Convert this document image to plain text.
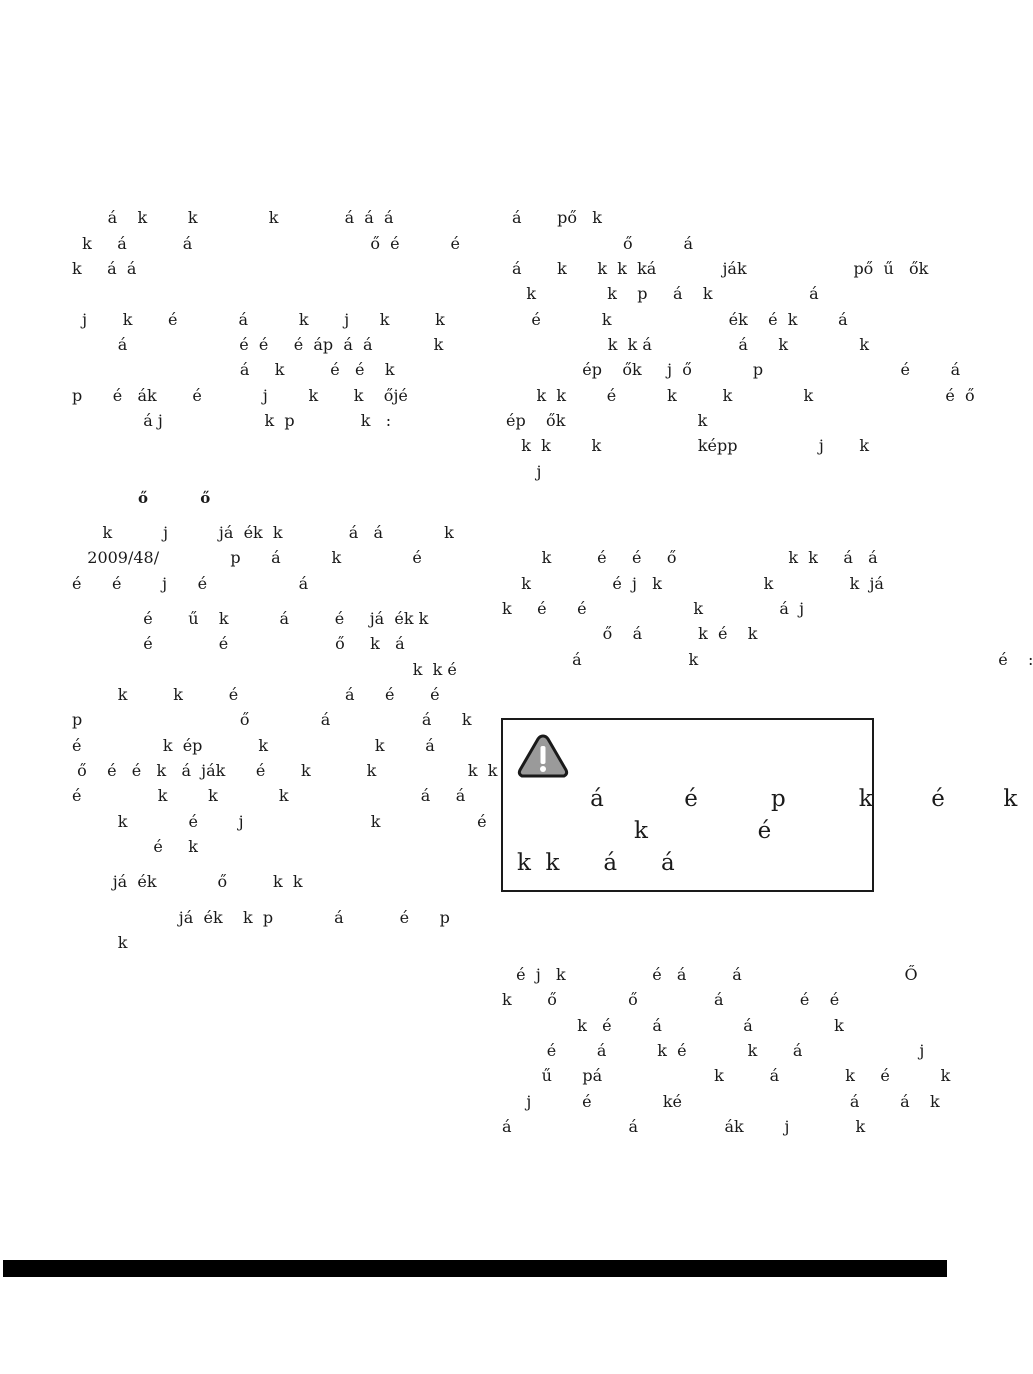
á    k        k              k             á  á  á
k     á           á                                   ő  é          é
k     á  á
j       k       é            á          k       j      k         k
á                      é  é     é  áp  á  á            k
á     k         é   é    k
p      é   ák       é            j        k       k    őjé
á j                    k  p             k   :
ő          ő
k          j          já  ék  k             á   á            k
2009/48/              p      á          k              é
é      é        j      é                  á
é       ű    k          á         é     já  ék k
é             é                     ő     k   á
k  k é
k         k         é                     á      é       é
p                               ő              á                  á      k
é                k  ép           k                     k        á
ő    é   é   k   á  ják      é       k           k                  k  k
é               k        k            k                          á     á
k            é        j                         k                   é
é     k
já  ék            ő         k  k
já  ék    k  p            á           é      p
k
á       pő   k
ő          á
á       k      k  k  ká             ják                     pő  ű   ők
k              k    p     á    k                   á
é            k                       ék    é  k        á
k  k á                 á      k              k
ép    ők     j  ő            p                           é        á
k  k        é          k         k              k                          é  ő
ép    ők                          k
k  k        k                   képp                j       k
j
k         é     é     ő                      k  k     á   á
k                é  j   k                    k               k  já
k     é      é                     k               á  j
ő    á           k  é    k
á                     k                                                           é    :
á           é          p          k        é        k
k               é
k  k      á      á
é  j   k                 é   á         á                                Ő
k       ő              ő               á               é    é
k   é        á                á                k
é        á          k  é            k       á                       j
ű      pá                      k         á             k     é          k
j          é              ké                                 á        á    k
á                       á                 ák        j             k
